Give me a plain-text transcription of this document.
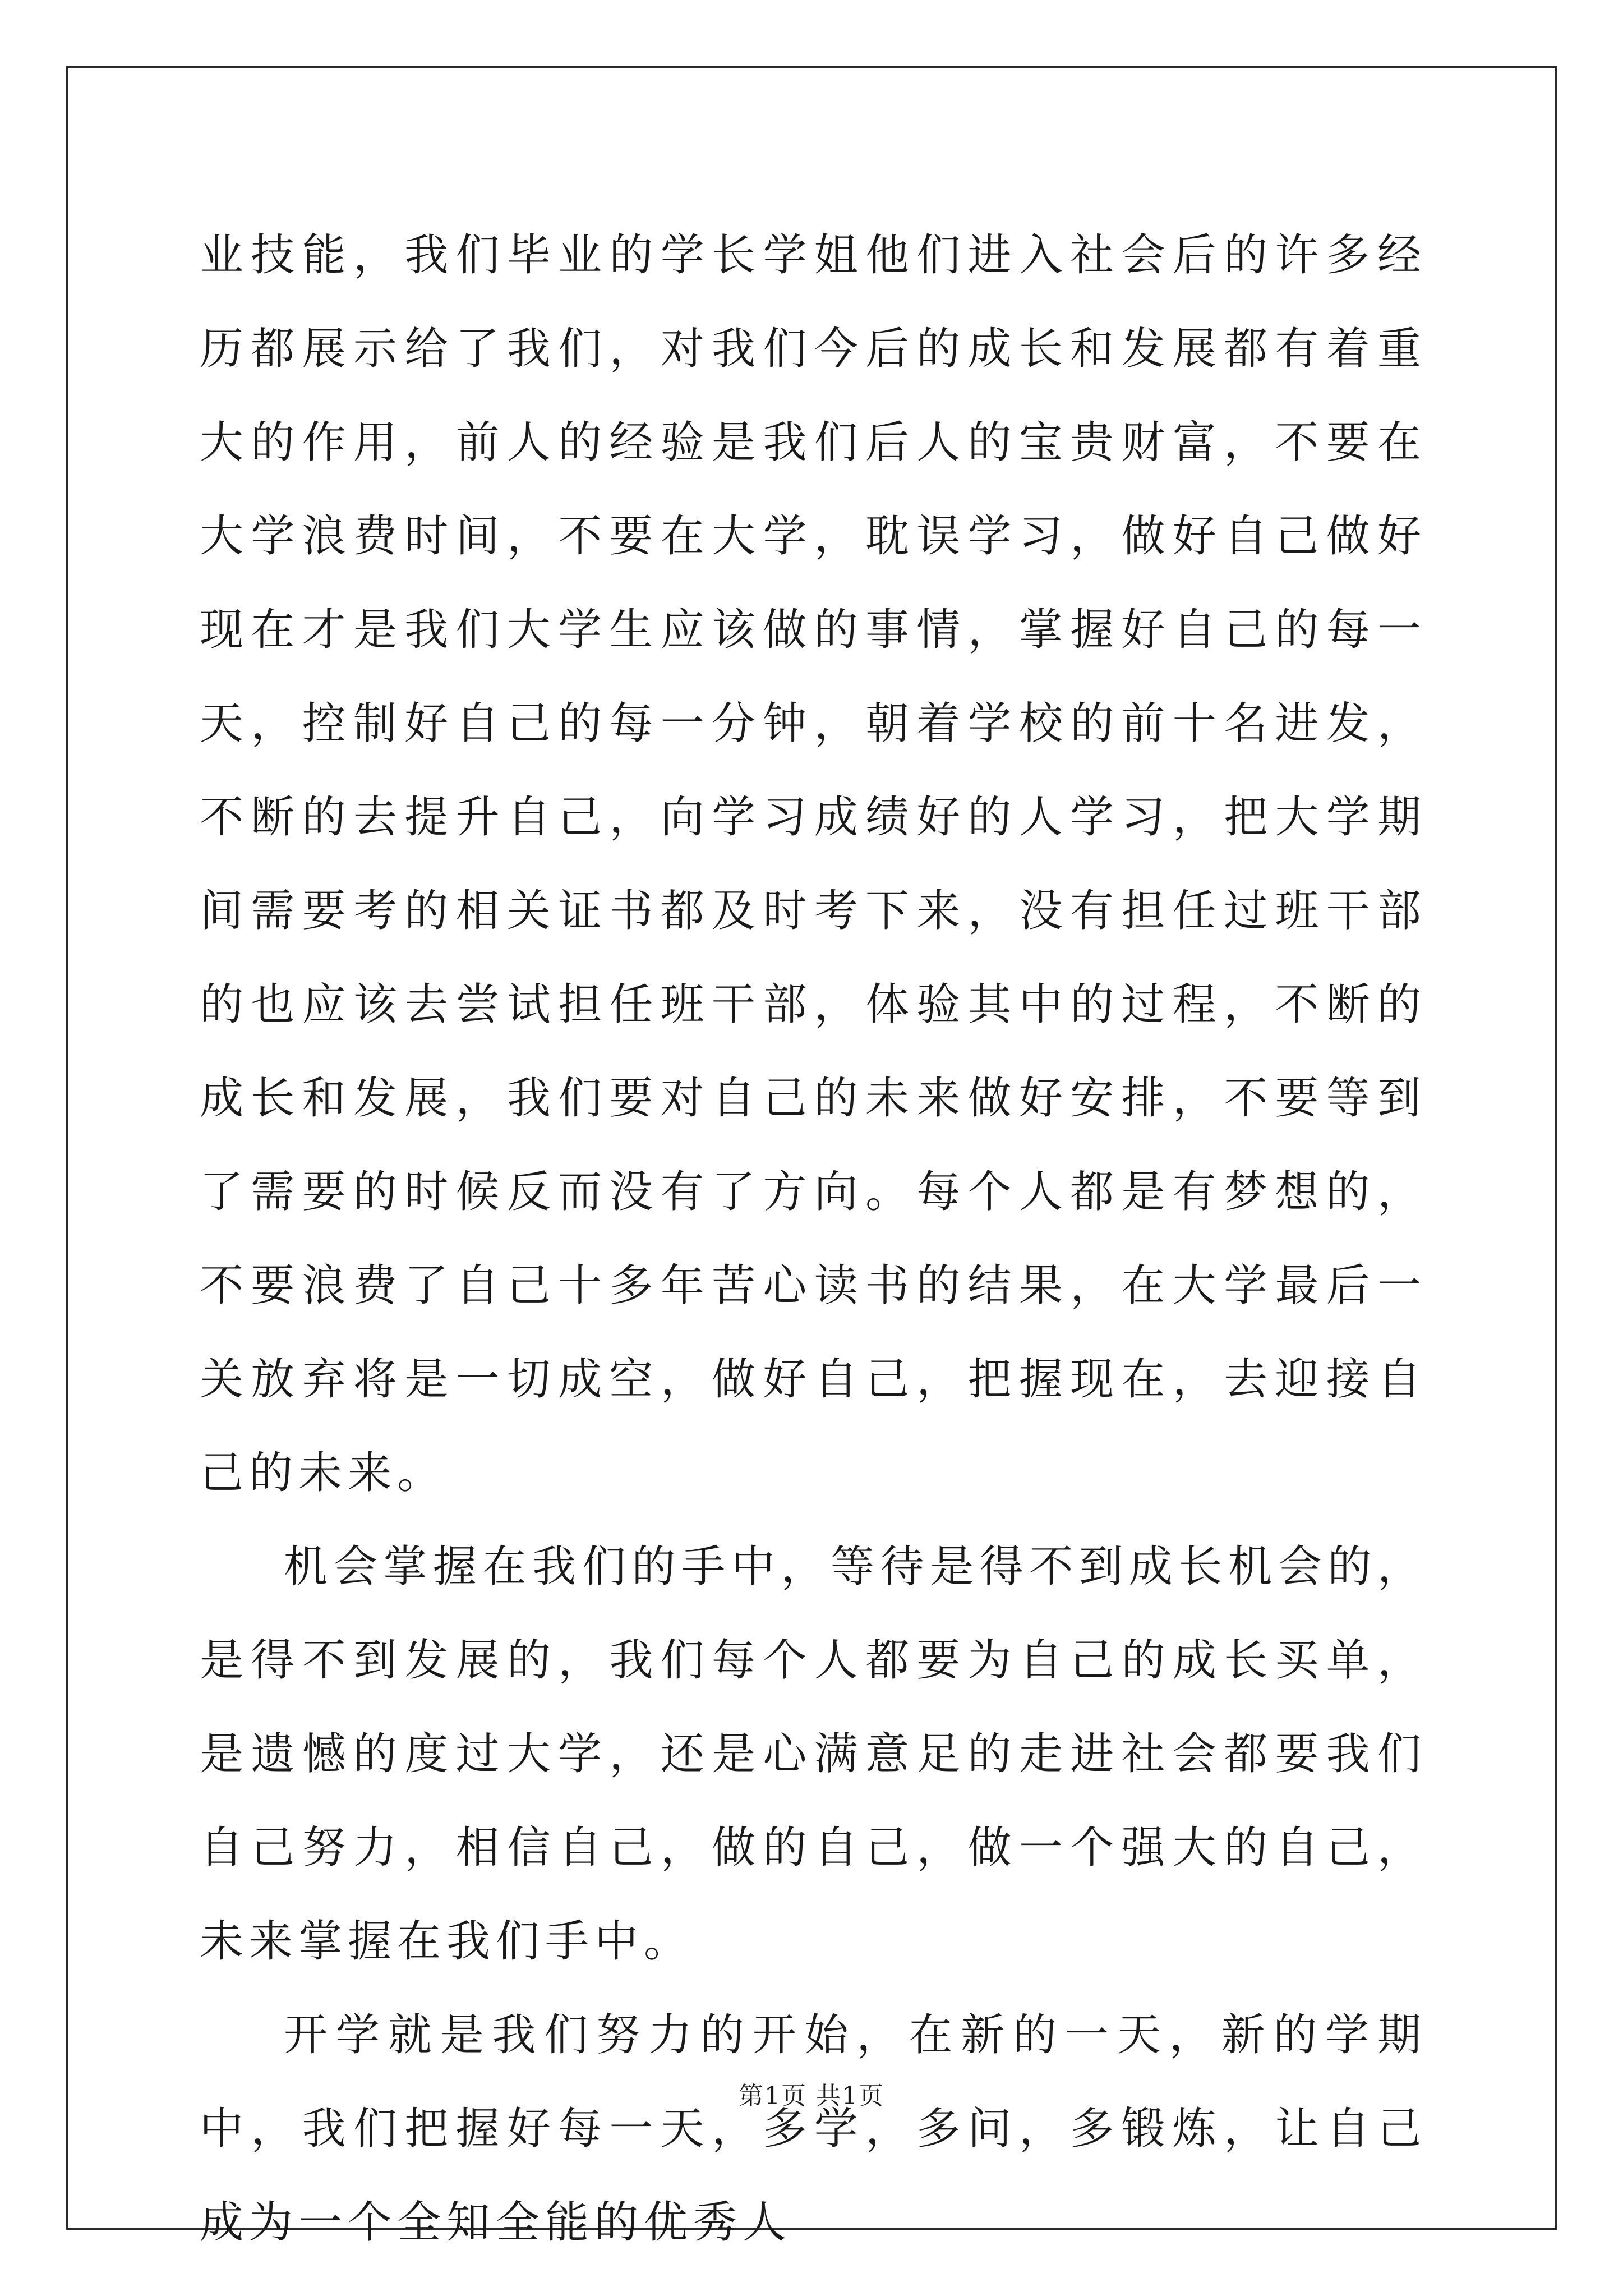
业技能，我们毕业的学长学姐他们进入社会后的许多经历都展示给了我们，对我们今后的成长和发展都有着重大的作用，前人的经验是我们后人的宝贵财富，不要在大学浪费时间，不要在大学，耽误学习，做好自己做好现在才是我们大学生应该做的事情，掌握好自己的每一天，控制好自己的每一分钟，朝着学校的前十名进发，不断的去提升自己，向学习成绩好的人学习，把大学期间需要考的相关证书都及时考下来，没有担任过班干部的也应该去尝试担任班干部，体验其中的过程，不断的成长和发展，我们要对自己的未来做好安排，不要等到了需要的时候反而没有了方向。每个人都是有梦想的，不要浪费了自己十多年苦心读书的结果，在大学最后一关放弃将是一切成空，做好自己，把握现在，去迎接自己的未来。

机会掌握在我们的手中，等待是得不到成长机会的，是得不到发展的，我们每个人都要为自己的成长买单，是遗憾的度过大学，还是心满意足的走进社会都要我们自己努力，相信自己，做的自己，做一个强大的自己，未来掌握在我们手中。

开学就是我们努力的开始，在新的一天，新的学期中，我们把握好每一天，多学，多问，多锻炼，让自己成为一个全知全能的优秀人

第1页 共1页
